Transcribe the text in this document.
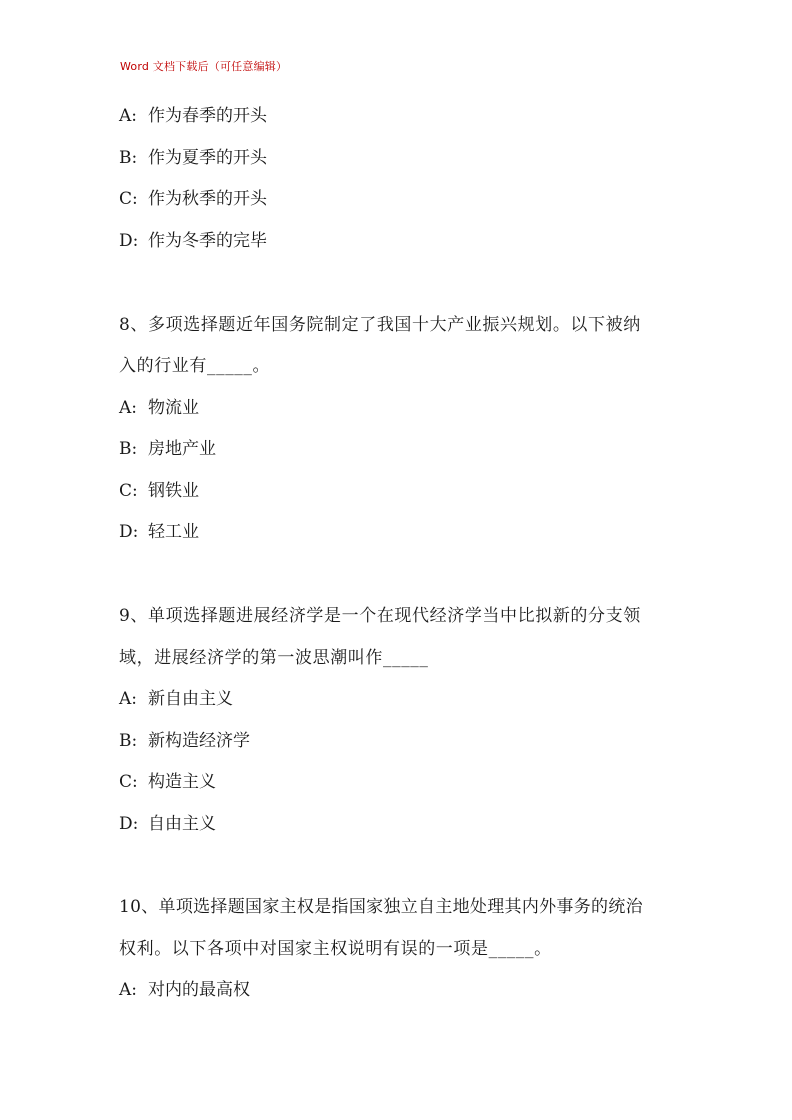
Word 文档下载后（可任意编辑）
A: 作为春季的开头
B: 作为夏季的开头
C: 作为秋季的开头
D: 作为冬季的完毕
8、多项选择题近年国务院制定了我国十大产业振兴规划。以下被纳
入的行业有_____。
A: 物流业
B: 房地产业
C: 钢铁业
D: 轻工业
9、单项选择题进展经济学是一个在现代经济学当中比拟新的分支领
域，进展经济学的第一波思潮叫作_____
A: 新自由主义
B: 新构造经济学
C: 构造主义
D: 自由主义
10、单项选择题国家主权是指国家独立自主地处理其内外事务的统治
权利。以下各项中对国家主权说明有误的一项是_____。
A: 对内的最高权
